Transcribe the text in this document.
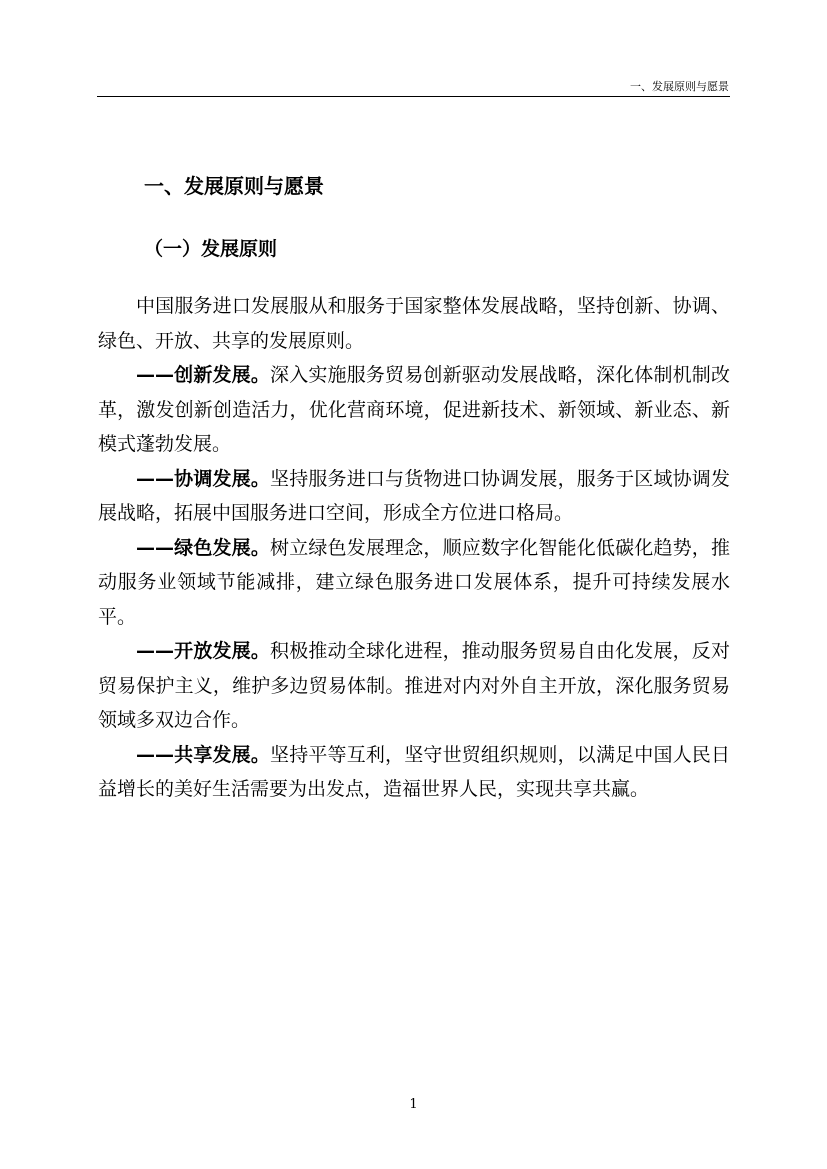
一、发展原则与愿景
一、发展原则与愿景
（一）发展原则

中国服务进口发展服从和服务于国家整体发展战略，坚持创新、协调、绿色、开放、共享的发展原则。

——创新发展。深入实施服务贸易创新驱动发展战略，深化体制机制改革，激发创新创造活力，优化营商环境，促进新技术、新领域、新业态、新模式蓬勃发展。

——协调发展。坚持服务进口与货物进口协调发展，服务于区域协调发展战略，拓展中国服务进口空间，形成全方位进口格局。

——绿色发展。树立绿色发展理念，顺应数字化智能化低碳化趋势，推动服务业领域节能减排，建立绿色服务进口发展体系，提升可持续发展水平。

——开放发展。积极推动全球化进程，推动服务贸易自由化发展，反对贸易保护主义，维护多边贸易体制。推进对内对外自主开放，深化服务贸易领域多双边合作。

——共享发展。坚持平等互利，坚守世贸组织规则，以满足中国人民日益增长的美好生活需要为出发点，造福世界人民，实现共享共赢。

1
